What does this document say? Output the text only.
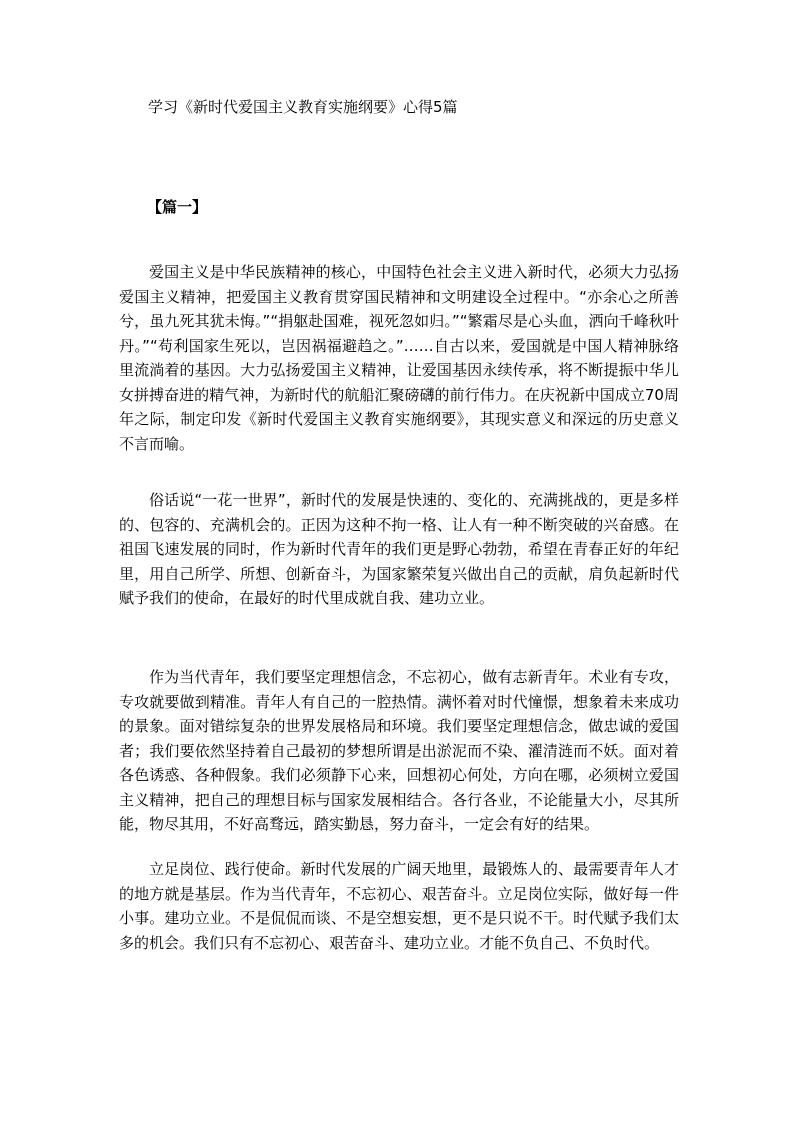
学习《新时代爱国主义教育实施纲要》心得5篇
【篇一】

爱国主义是中华民族精神的核心，中国特色社会主义进入新时代，必须大力弘扬爱国主义精神，把爱国主义教育贯穿国民精神和文明建设全过程中。“亦余心之所善兮，虽九死其犹未悔。”“捐躯赴国难，视死忽如归。”“繁霜尽是心头血，洒向千峰秋叶丹。”“苟利国家生死以，岂因祸福避趋之。”……自古以来，爱国就是中国人精神脉络里流淌着的基因。大力弘扬爱国主义精神，让爱国基因永续传承，将不断提振中华儿女拼搏奋进的精气神，为新时代的航船汇聚磅礴的前行伟力。在庆祝新中国成立70周年之际，制定印发《新时代爱国主义教育实施纲要》，其现实意义和深远的历史意义不言而喻。

俗话说“一花一世界”，新时代的发展是快速的、变化的、充满挑战的，更是多样的、包容的、充满机会的。正因为这种不拘一格、让人有一种不断突破的兴奋感。在祖国飞速发展的同时，作为新时代青年的我们更是野心勃勃，希望在青春正好的年纪里，用自己所学、所想、创新奋斗，为国家繁荣复兴做出自己的贡献，肩负起新时代赋予我们的使命，在最好的时代里成就自我、建功立业。

作为当代青年，我们要坚定理想信念，不忘初心，做有志新青年。术业有专攻，专攻就要做到精准。青年人有自己的一腔热情。满怀着对时代憧憬，想象着未来成功的景象。面对错综复杂的世界发展格局和环境。我们要坚定理想信念，做忠诚的爱国者；我们要依然坚持着自己最初的梦想所谓是出淤泥而不染、濯清涟而不妖。面对着各色诱惑、各种假象。我们必须静下心来，回想初心何处，方向在哪，必须树立爱国主义精神，把自己的理想目标与国家发展相结合。各行各业，不论能量大小，尽其所能，物尽其用，不好高骛远，踏实勤恳，努力奋斗，一定会有好的结果。

立足岗位、践行使命。新时代发展的广阔天地里，最锻炼人的、最需要青年人才的地方就是基层。作为当代青年，不忘初心、艰苦奋斗。立足岗位实际，做好每一件小事。建功立业。不是侃侃而谈、不是空想妄想，更不是只说不干。时代赋予我们太多的机会。我们只有不忘初心、艰苦奋斗、建功立业。才能不负自己、不负时代。
